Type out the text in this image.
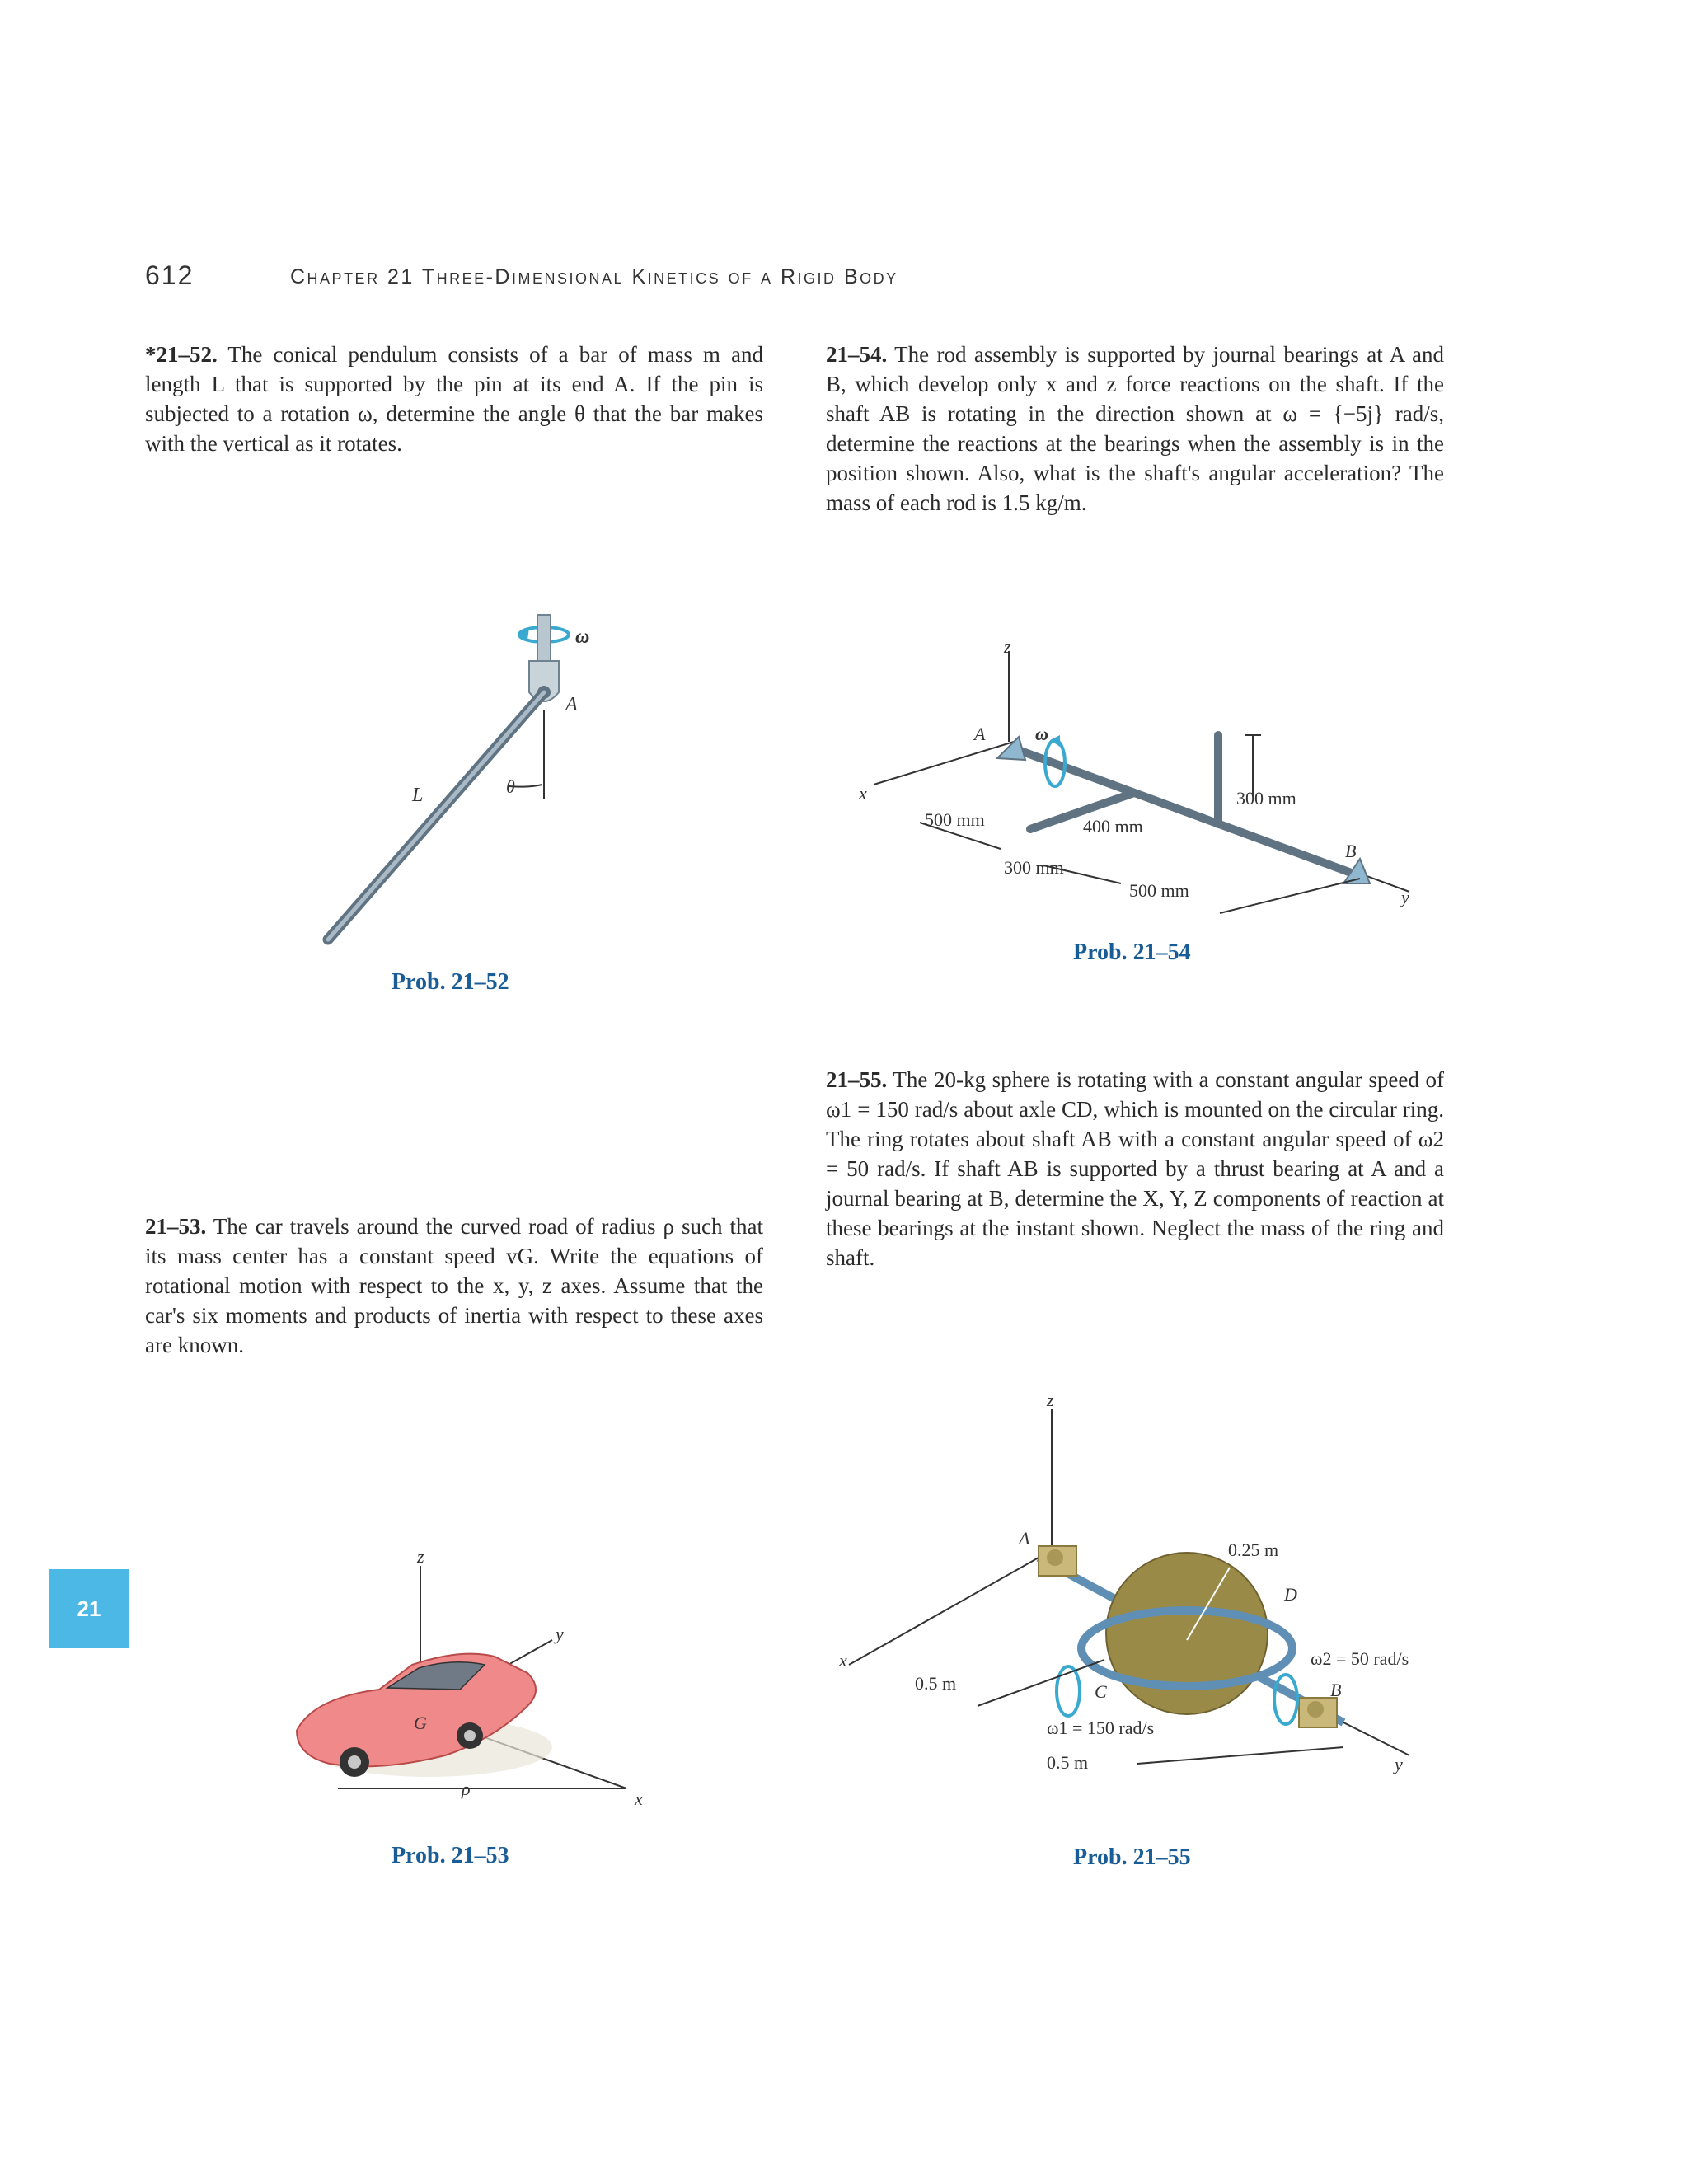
612	Chapter 21 Three-Dimensional Kinetics of a Rigid Body
*21–52. The conical pendulum consists of a bar of mass m and length L that is supported by the pin at its end A. If the pin is subjected to a rotation ω, determine the angle θ that the bar makes with the vertical as it rotates.
21–54. The rod assembly is supported by journal bearings at A and B, which develop only x and z force reactions on the shaft. If the shaft AB is rotating in the direction shown at ω = {−5j} rad/s, determine the reactions at the bearings when the assembly is in the position shown. Also, what is the shaft's angular acceleration? The mass of each rod is 1.5 kg/m.
ω
A
L	θ
Prob. 21–52
z
A	ω
x
500 mm	400 mm
300 mm
300 mm
500 mm
B
y
Prob. 21–54
21–55. The 20-kg sphere is rotating with a constant angular speed of ω1 = 150 rad/s about axle CD, which is mounted on the circular ring. The ring rotates about shaft AB with a constant angular speed of ω2 = 50 rad/s. If shaft AB is supported by a thrust bearing at A and a journal bearing at B, determine the X, Y, Z components of reaction at these bearings at the instant shown. Neglect the mass of the ring and shaft.
21–53. The car travels around the curved road of radius ρ such that its mass center has a constant speed vG. Write the equations of rotational motion with respect to the x, y, z axes. Assume that the car's six moments and products of inertia with respect to these axes are known.
z
y
x
G
ρ
Prob. 21–53
z
A
0.25 m
D
x
0.5 m	C
ω2 = 50 rad/s
B
ω1 = 150 rad/s
0.5 m	y
Prob. 21–55
21
